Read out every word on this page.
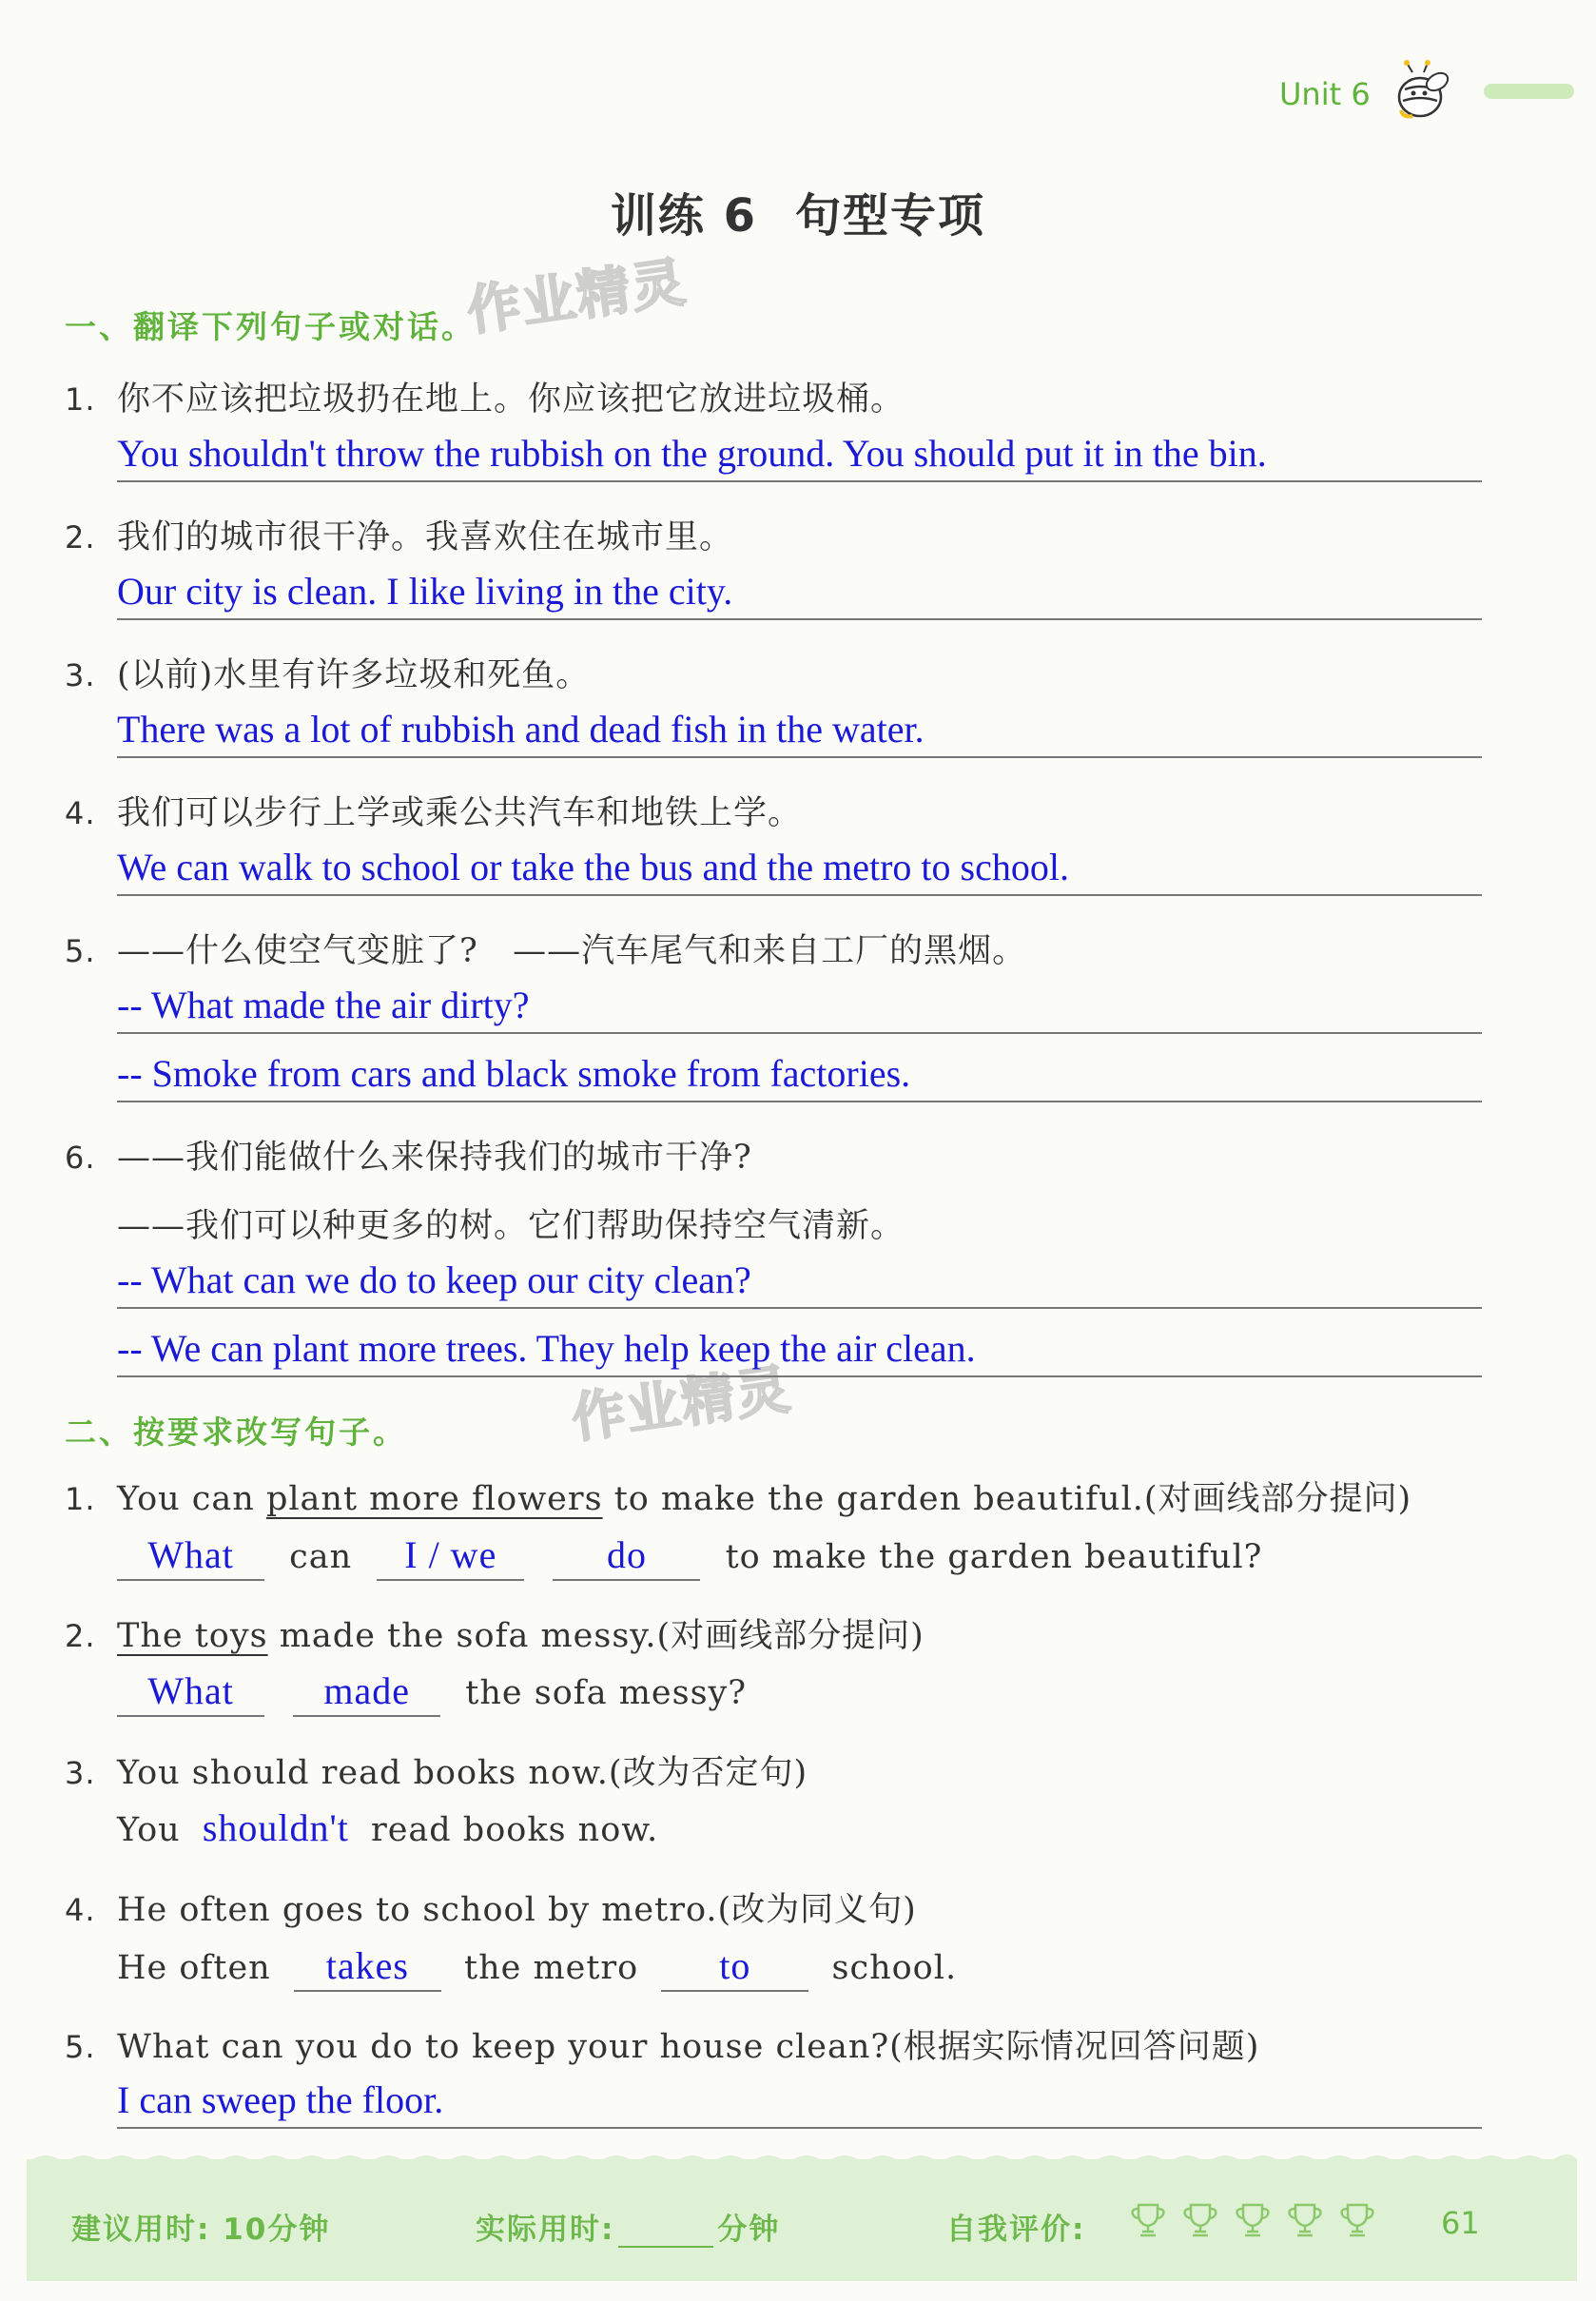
Unit 6
训练 6 句型专项
作业精灵
作业精灵
一、翻译下列句子或对话。
1. 你不应该把垃圾扔在地上。你应该把它放进垃圾桶。
You shouldn't throw the rubbish on the ground. You should put it in the bin.
2. 我们的城市很干净。我喜欢住在城市里。
Our city is clean. I like living in the city.
3. (以前)水里有许多垃圾和死鱼。
There was a lot of rubbish and dead fish in the water.
4. 我们可以步行上学或乘公共汽车和地铁上学。
We can walk to school or take the bus and the metro to school.
5. ——什么使空气变脏了?   ——汽车尾气和来自工厂的黑烟。
-- What made the air dirty?
-- Smoke from cars and black smoke from factories.
6. ——我们能做什么来保持我们的城市干净?
——我们可以种更多的树。它们帮助保持空气清新。
-- What can we do to keep our city clean?
-- We can plant more trees. They help keep the air clean.
二、按要求改写句子。
1. You can plant more flowers to make the garden beautiful.(对画线部分提问)
What can I / we	do to make the garden beautiful?
2. The toys made the sofa messy.(对画线部分提问)
What made the sofa messy?
3. You should read books now.(改为否定句)
You shouldn't read books now.
4. He often goes to school by metro.(改为同义句)
He often takes the metro to school.
5. What can you do to keep your house clean?(根据实际情况回答问题)
I can sweep the floor.
建议用时: 10分钟	实际用时:	分钟	自我评价:
	61
